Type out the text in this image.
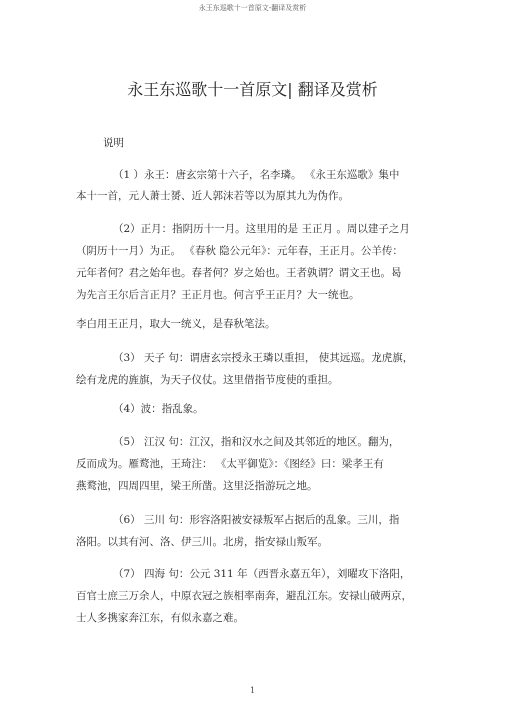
永王东巡歌十一首原文-翻译及赏析
永王东巡歌十一首原文| 翻译及赏析
说明
（1 ）永王：唐玄宗第十六子，名李璘。 《永王东巡歌》集中
本十一首，元人萧士赟、近人郭沫若等以为原其九为伪作。
（2）正月：指阴历十一月。这里用的是 王正月 。周以建子之月
（阴历十一月）为正。 《春秋 隐公元年》：元年春，王正月。公羊传：
元年者何？君之始年也。春者何？岁之始也。王者孰谓？谓文王也。曷
为先言王尔后言正月？王正月也。何言乎王正月？大一统也。
李白用王正月，取大一统义，是春秋笔法。
（3） 天子 句：谓唐玄宗授永王璘以重担， 使其远巡。龙虎旗，
绘有龙虎的旌旗，为天子仪仗。这里借指节度使的重担。
（4）波：指乱象。
（5） 江汉 句：江汉，指和汉水之间及其邻近的地区。翻为，
反而成为。雁鹜池，王琦注： 《太平御览》：《图经》曰：梁孝王有
燕鹜池，四周四里，梁王所凿。这里泛指游玩之地。
（6） 三川 句：形容洛阳被安禄叛军占据后的乱象。三川，指
洛阳。以其有河、洛、伊三川。北虏，指安禄山叛军。
（7） 四海 句：公元 311 年（西晋永嘉五年），刘曜攻下洛阳，
百官士庶三万余人，中原衣冠之族相率南奔，避乱江东。安禄山破两京，
士人多携家奔江东，有似永嘉之难。
1
